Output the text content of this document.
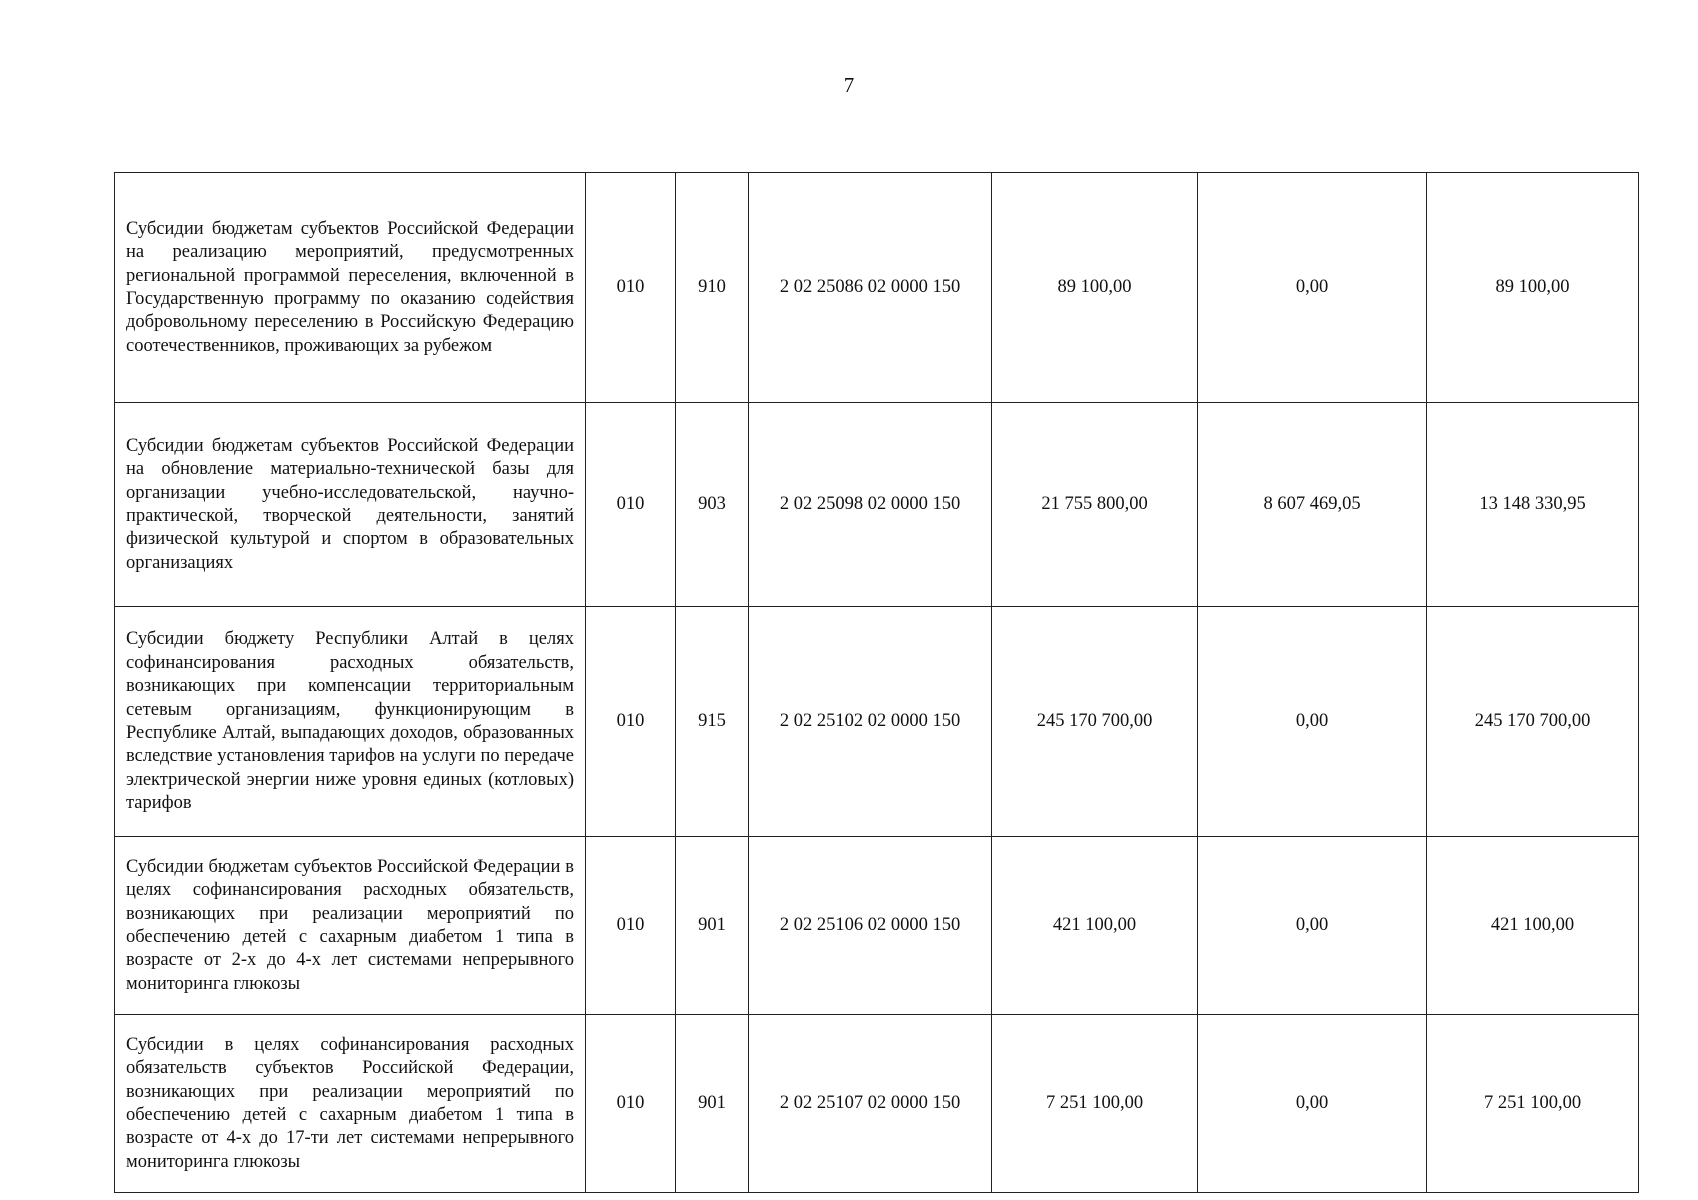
7
Субсидии бюджетам субъектов Российской Федерации на реализацию мероприятий, предусмотренных региональной программой переселения, включенной в Государственную программу по оказанию содействия добровольному переселению в Российскую Федерацию соотечественников, проживающих за рубежом	010	910	2 02 25086 02 0000 150	89 100,00	0,00	89 100,00
Субсидии бюджетам субъектов Российской Федерации на обновление материально-технической базы для организации учебно-исследовательской, научно-практической, творческой деятельности, занятий физической культурой и спортом в образовательных организациях	010	903	2 02 25098 02 0000 150	21 755 800,00	8 607 469,05	13 148 330,95
Субсидии бюджету Республики Алтай в целях софинансирования расходных обязательств, возникающих при компенсации территориальным сетевым организациям, функционирующим в Республике Алтай, выпадающих доходов, образованных вследствие установления тарифов на услуги по передаче электрической энергии ниже уровня единых (котловых) тарифов	010	915	2 02 25102 02 0000 150	245 170 700,00	0,00	245 170 700,00
Субсидии бюджетам субъектов Российской Федерации в целях софинансирования расходных обязательств, возникающих при реализации мероприятий по обеспечению детей с сахарным диабетом 1 типа в возрасте от 2-х до 4-х лет системами непрерывного мониторинга глюкозы	010	901	2 02 25106 02 0000 150	421 100,00	0,00	421 100,00
Субсидии в целях софинансирования расходных обязательств субъектов Российской Федерации, возникающих при реализации мероприятий по обеспечению детей с сахарным диабетом 1 типа в возрасте от 4-х до 17-ти лет системами непрерывного мониторинга глюкозы	010	901	2 02 25107 02 0000 150	7 251 100,00	0,00	7 251 100,00
